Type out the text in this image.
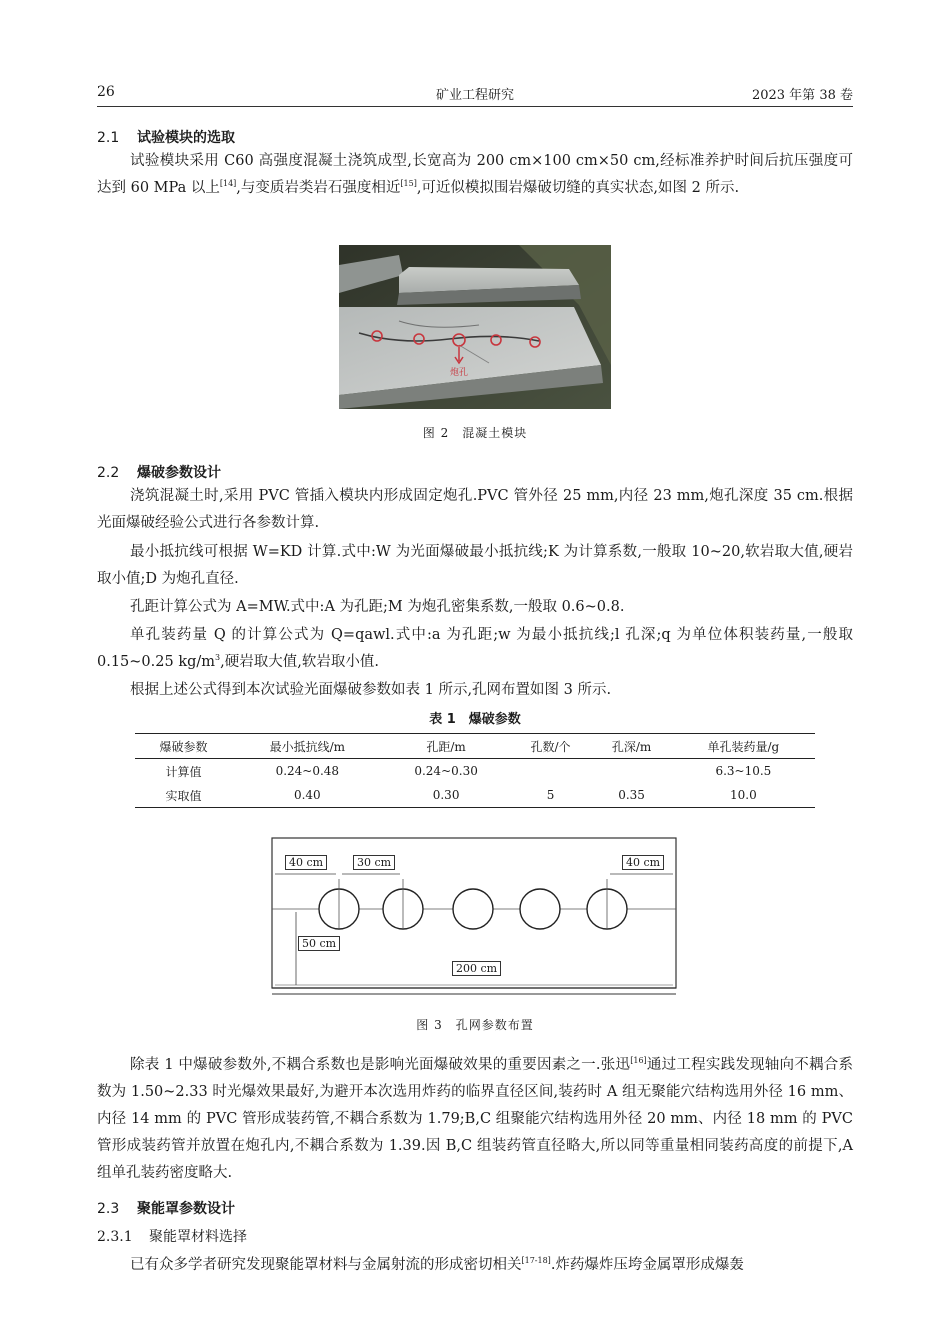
26	矿业工程研究	2023 年第 38 卷
2.1 试验模块的选取

试验模块采用 C60 高强度混凝土浇筑成型,长宽高为 200 cm×100 cm×50 cm,经标准养护时间后抗压强度可达到 60 MPa 以上[14],与变质岩类岩石强度相近[15],可近似模拟围岩爆破切缝的真实状态,如图 2 所示.

炮孔
图 2　混凝土模块
2.2 爆破参数设计

浇筑混凝土时,采用 PVC 管插入模块内形成固定炮孔.PVC 管外径 25 mm,内径 23 mm,炮孔深度 35 cm.根据光面爆破经验公式进行各参数计算.

最小抵抗线可根据 W=KD 计算.式中:W 为光面爆破最小抵抗线;K 为计算系数,一般取 10~20,软岩取大值,硬岩取小值;D 为炮孔直径.

孔距计算公式为 A=MW.式中:A 为孔距;M 为炮孔密集系数,一般取 0.6~0.8.

单孔装药量 Q 的计算公式为 Q=qawl.式中:a 为孔距;w 为最小抵抗线;l 孔深;q 为单位体积装药量,一般取 0.15~0.25 $kg/m^3$,硬岩取大值,软岩取小值.

根据上述公式得到本次试验光面爆破参数如表 1 所示,孔网布置如图 3 所示.

表 1　爆破参数
爆破参数	最小抵抗线/m	孔距/m	孔数/个	孔深/m	单孔装药量/g
计算值	0.24~0.48	0.24~0.30			6.3~10.5
实取值	0.40	0.30	5	0.35	10.0
40 cm	30 cm	40 cm
50 cm
200 cm
图 3　孔网参数布置

除表 1 中爆破参数外,不耦合系数也是影响光面爆破效果的重要因素之一.张迅[16]通过工程实践发现轴向不耦合系数为 1.50~2.33 时光爆效果最好,为避开本次选用炸药的临界直径区间,装药时 A 组无聚能穴结构选用外径 16 mm、内径 14 mm 的 PVC 管形成装药管,不耦合系数为 1.79;B,C 组聚能穴结构选用外径 20 mm、内径 18 mm 的 PVC 管形成装药管并放置在炮孔内,不耦合系数为 1.39.因 B,C 组装药管直径略大,所以同等重量相同装药高度的前提下,A 组单孔装药密度略大.

2.3 聚能罩参数设计
2.3.1 聚能罩材料选择

已有众多学者研究发现聚能罩材料与金属射流的形成密切相关[17-18].炸药爆炸压垮金属罩形成爆轰
